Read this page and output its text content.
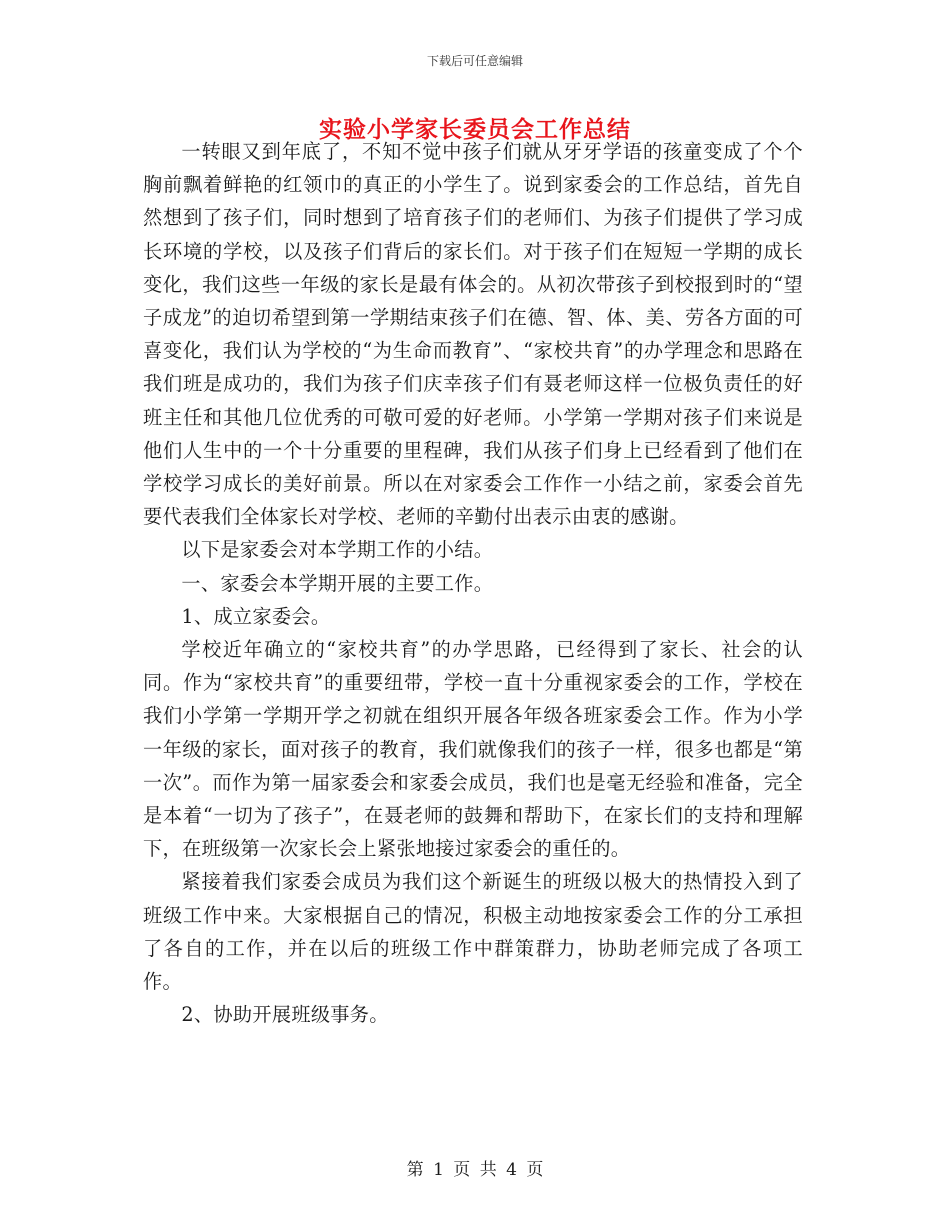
下载后可任意编辑
实验小学家长委员会工作总结

一转眼又到年底了，不知不觉中孩子们就从牙牙学语的孩童变成了个个胸前飘着鲜艳的红领巾的真正的小学生了。说到家委会的工作总结，首先自然想到了孩子们，同时想到了培育孩子们的老师们、为孩子们提供了学习成长环境的学校，以及孩子们背后的家长们。对于孩子们在短短一学期的成长变化，我们这些一年级的家长是最有体会的。从初次带孩子到校报到时的“望子成龙”的迫切希望到第一学期结束孩子们在德、智、体、美、劳各方面的可喜变化，我们认为学校的“为生命而教育”、“家校共育”的办学理念和思路在我们班是成功的，我们为孩子们庆幸孩子们有聂老师这样一位极负责任的好班主任和其他几位优秀的可敬可爱的好老师。小学第一学期对孩子们来说是他们人生中的一个十分重要的里程碑，我们从孩子们身上已经看到了他们在学校学习成长的美好前景。所以在对家委会工作作一小结之前，家委会首先要代表我们全体家长对学校、老师的辛勤付出表示由衷的感谢。

以下是家委会对本学期工作的小结。

一、家委会本学期开展的主要工作。

1、成立家委会。

学校近年确立的“家校共育”的办学思路，已经得到了家长、社会的认同。作为“家校共育”的重要纽带，学校一直十分重视家委会的工作，学校在我们小学第一学期开学之初就在组织开展各年级各班家委会工作。作为小学一年级的家长，面对孩子的教育，我们就像我们的孩子一样，很多也都是“第一次”。而作为第一届家委会和家委会成员，我们也是毫无经验和准备，完全是本着“一切为了孩子”，在聂老师的鼓舞和帮助下，在家长们的支持和理解下，在班级第一次家长会上紧张地接过家委会的重任的。

紧接着我们家委会成员为我们这个新诞生的班级以极大的热情投入到了班级工作中来。大家根据自己的情况，积极主动地按家委会工作的分工承担了各自的工作，并在以后的班级工作中群策群力，协助老师完成了各项工作。

2、协助开展班级事务。

第 1 页 共 4 页
